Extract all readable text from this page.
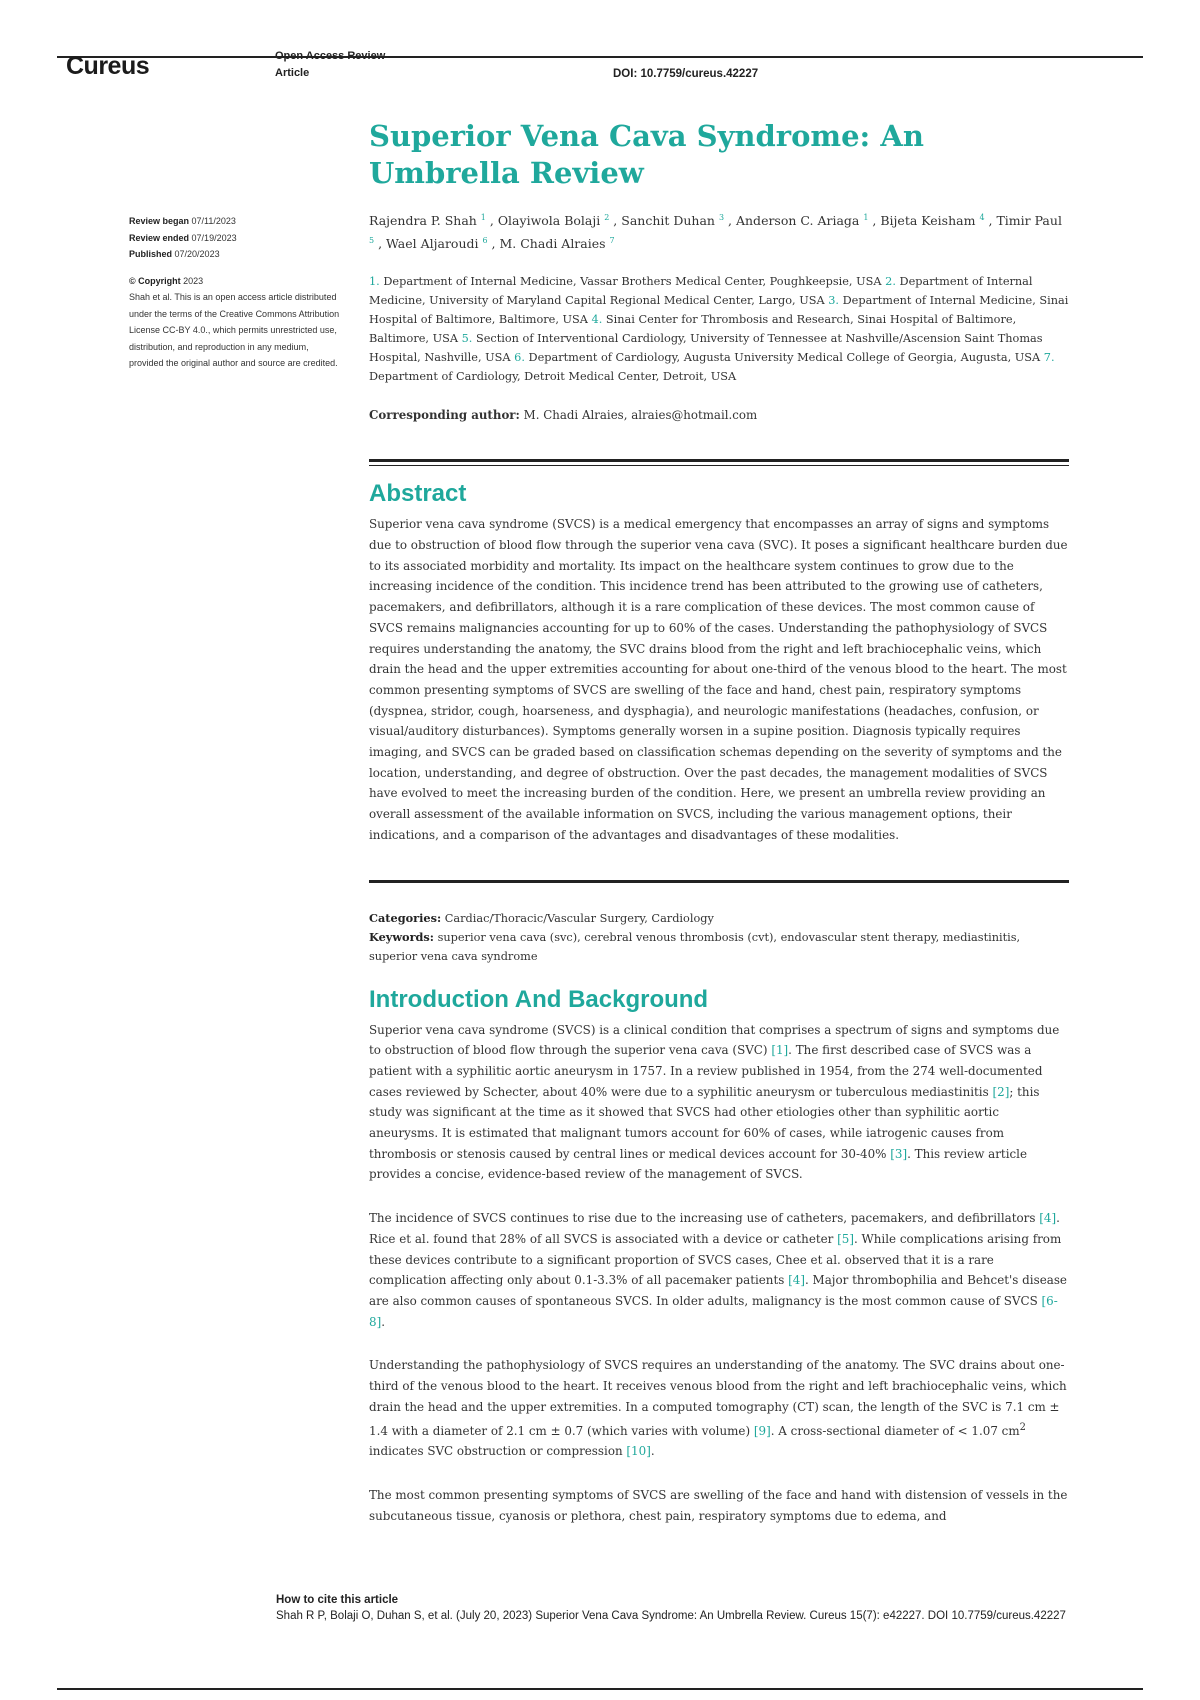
Cureus	Open Access Review
Article	DOI: 10.7759/cureus.42227
Review began 07/11/2023
Review ended 07/19/2023
Published 07/20/2023
© Copyright 2023
Shah et al. This is an open access article distributed under the terms of the Creative Commons Attribution License CC-BY 4.0., which permits unrestricted use, distribution, and reproduction in any medium, provided the original author and source are credited.
Superior Vena Cava Syndrome: An Umbrella Review
Rajendra P. Shah $^1$ , Olayiwola Bolaji $^2$ , Sanchit Duhan $^3$ , Anderson C. Ariaga $^1$ , Bijeta Keisham $^4$ , Timir Paul $^5$ , Wael Aljaroudi $^6$ , M. Chadi Alraies $^7$
1. Department of Internal Medicine, Vassar Brothers Medical Center, Poughkeepsie, USA 2. Department of Internal Medicine, University of Maryland Capital Regional Medical Center, Largo, USA 3. Department of Internal Medicine, Sinai Hospital of Baltimore, Baltimore, USA 4. Sinai Center for Thrombosis and Research, Sinai Hospital of Baltimore, Baltimore, USA 5. Section of Interventional Cardiology, University of Tennessee at Nashville/Ascension Saint Thomas Hospital, Nashville, USA 6. Department of Cardiology, Augusta University Medical College of Georgia, Augusta, USA 7. Department of Cardiology, Detroit Medical Center, Detroit, USA
Corresponding author: M. Chadi Alraies, alraies@hotmail.com
Abstract

Superior vena cava syndrome (SVCS) is a medical emergency that encompasses an array of signs and symptoms due to obstruction of blood flow through the superior vena cava (SVC). It poses a significant healthcare burden due to its associated morbidity and mortality. Its impact on the healthcare system continues to grow due to the increasing incidence of the condition. This incidence trend has been attributed to the growing use of catheters, pacemakers, and defibrillators, although it is a rare complication of these devices. The most common cause of SVCS remains malignancies accounting for up to 60% of the cases. Understanding the pathophysiology of SVCS requires understanding the anatomy, the SVC drains blood from the right and left brachiocephalic veins, which drain the head and the upper extremities accounting for about one-third of the venous blood to the heart. The most common presenting symptoms of SVCS are swelling of the face and hand, chest pain, respiratory symptoms (dyspnea, stridor, cough, hoarseness, and dysphagia), and neurologic manifestations (headaches, confusion, or visual/auditory disturbances). Symptoms generally worsen in a supine position. Diagnosis typically requires imaging, and SVCS can be graded based on classification schemas depending on the severity of symptoms and the location, understanding, and degree of obstruction. Over the past decades, the management modalities of SVCS have evolved to meet the increasing burden of the condition. Here, we present an umbrella review providing an overall assessment of the available information on SVCS, including the various management options, their indications, and a comparison of the advantages and disadvantages of these modalities.

Categories: Cardiac/Thoracic/Vascular Surgery, Cardiology
Keywords: superior vena cava (svc), cerebral venous thrombosis (cvt), endovascular stent therapy, mediastinitis, superior vena cava syndrome
Introduction And Background

Superior vena cava syndrome (SVCS) is a clinical condition that comprises a spectrum of signs and symptoms due to obstruction of blood flow through the superior vena cava (SVC) [1]. The first described case of SVCS was a patient with a syphilitic aortic aneurysm in 1757. In a review published in 1954, from the 274 well-documented cases reviewed by Schecter, about 40% were due to a syphilitic aneurysm or tuberculous mediastinitis [2]; this study was significant at the time as it showed that SVCS had other etiologies other than syphilitic aortic aneurysms. It is estimated that malignant tumors account for 60% of cases, while iatrogenic causes from thrombosis or stenosis caused by central lines or medical devices account for 30-40% [3]. This review article provides a concise, evidence-based review of the management of SVCS.

The incidence of SVCS continues to rise due to the increasing use of catheters, pacemakers, and defibrillators [4]. Rice et al. found that 28% of all SVCS is associated with a device or catheter [5]. While complications arising from these devices contribute to a significant proportion of SVCS cases, Chee et al. observed that it is a rare complication affecting only about 0.1-3.3% of all pacemaker patients [4]. Major thrombophilia and Behcet's disease are also common causes of spontaneous SVCS. In older adults, malignancy is the most common cause of SVCS [6-8].

Understanding the pathophysiology of SVCS requires an understanding of the anatomy. The SVC drains about one-third of the venous blood to the heart. It receives venous blood from the right and left brachiocephalic veins, which drain the head and the upper extremities. In a computed tomography (CT) scan, the length of the SVC is 7.1 cm ± 1.4 with a diameter of 2.1 cm ± 0.7 (which varies with volume) [9]. A cross-sectional diameter of < 1.07 $cm^2$ indicates SVC obstruction or compression [10].

The most common presenting symptoms of SVCS are swelling of the face and hand with distension of vessels in the subcutaneous tissue, cyanosis or plethora, chest pain, respiratory symptoms due to edema, and

How to cite this article
Shah R P, Bolaji O, Duhan S, et al. (July 20, 2023) Superior Vena Cava Syndrome: An Umbrella Review. Cureus 15(7): e42227. DOI 10.7759/cureus.42227
